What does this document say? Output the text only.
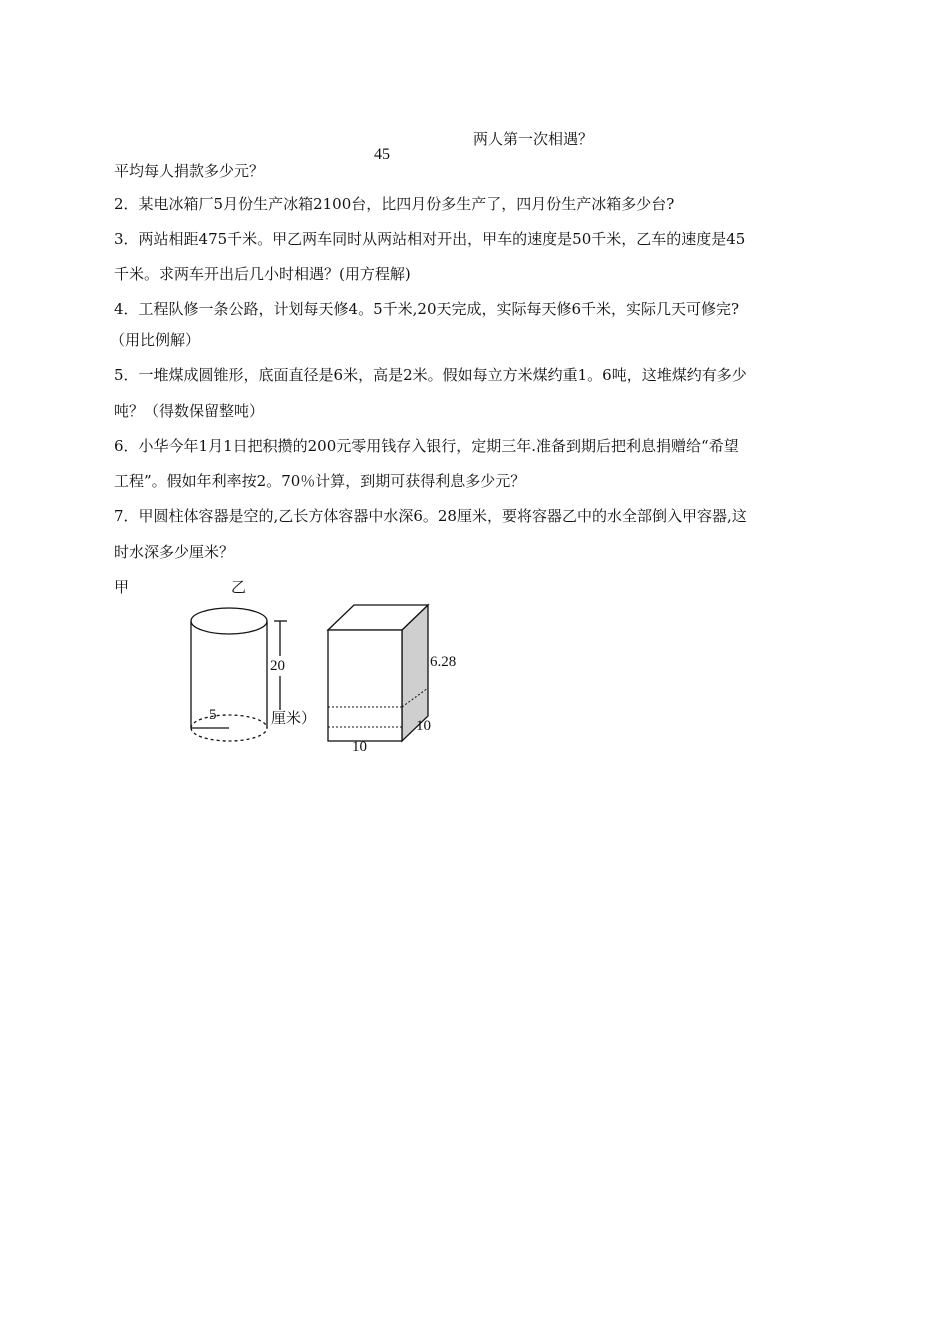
两人第一次相遇？
45
平均每人捐款多少元？
2．某电冰箱厂5月份生产冰箱2100台，比四月份多生产了，四月份生产冰箱多少台?
3．两站相距475千米。甲乙两车同时从两站相对开出，甲车的速度是50千米，乙车的速度是45
千米。求两车开出后几小时相遇？(用方程解)
4．工程队修一条公路，计划每天修4。5千米,20天完成，实际每天修6千米，实际几天可修完?
（用比例解）
5．一堆煤成圆锥形，底面直径是6米，高是2米。假如每立方米煤约重1。6吨，这堆煤约有多少
吨？（得数保留整吨）
6．小华今年1月1日把积攒的200元零用钱存入银行，定期三年.准备到期后把利息捐赠给“希望
工程”。假如年利率按2。70％计算，到期可获得利息多少元？
7．甲圆柱体容器是空的,乙长方体容器中水深6。28厘米，要将容器乙中的水全部倒入甲容器,这
时水深多少厘米？
甲	乙
20
5	厘米）
6.28
10
10
